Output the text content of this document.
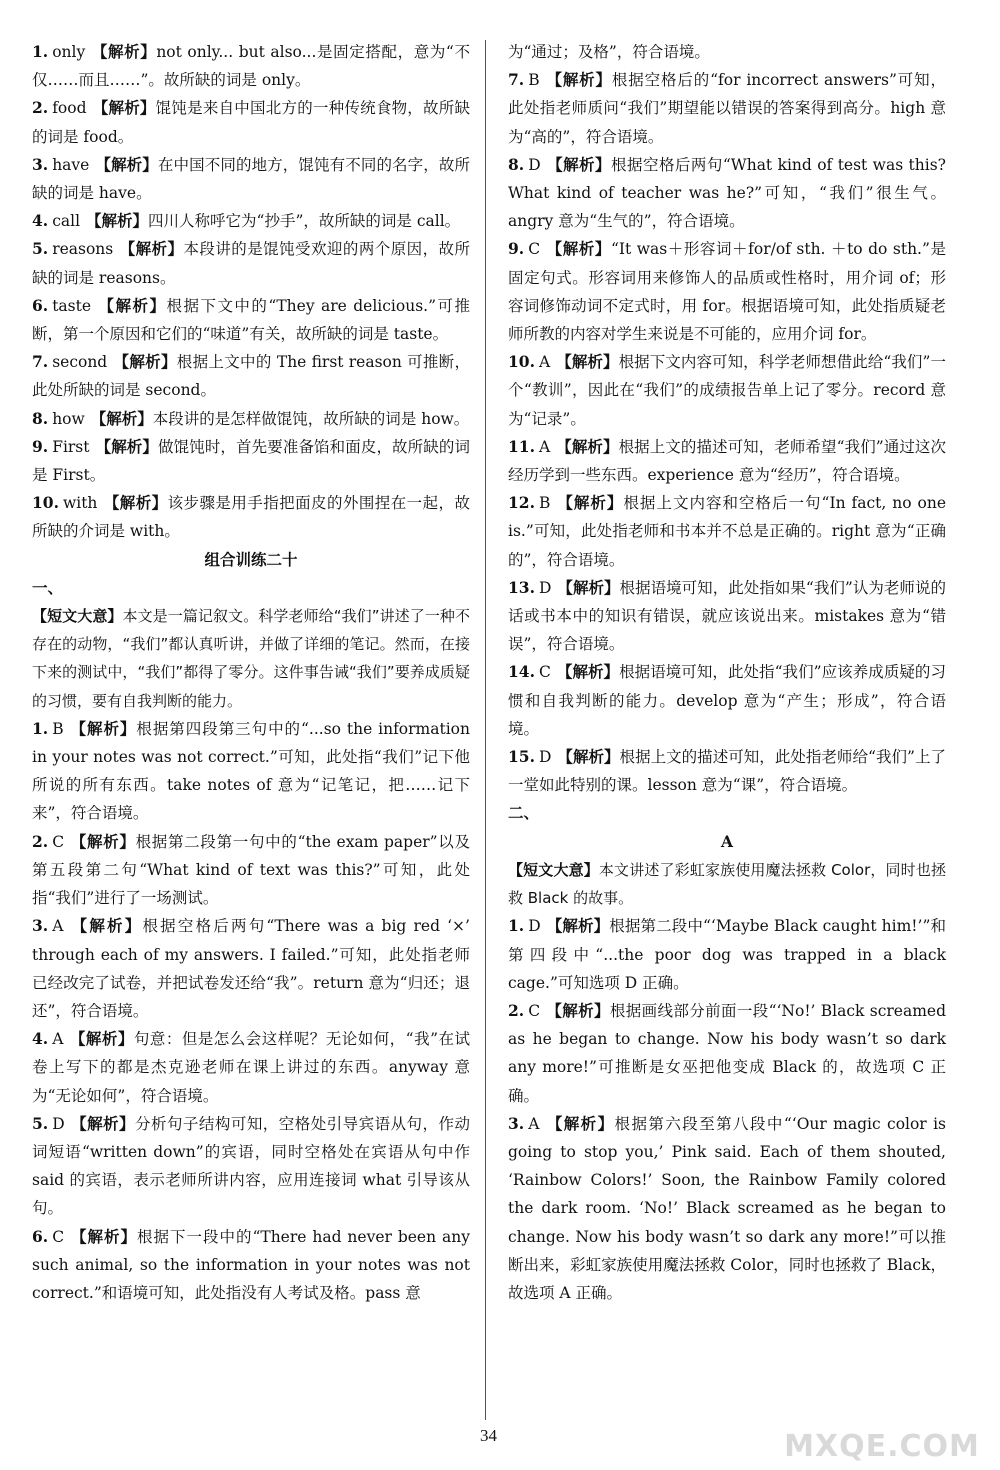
1. only 【解析】not only... but also...是固定搭配，意为“不仅……而且……”。故所缺的词是 only。

2. food 【解析】馄饨是来自中国北方的一种传统食物，故所缺的词是 food。

3. have 【解析】在中国不同的地方，馄饨有不同的名字，故所缺的词是 have。

4. call 【解析】四川人称呼它为“抄手”，故所缺的词是 call。

5. reasons 【解析】本段讲的是馄饨受欢迎的两个原因，故所缺的词是 reasons。

6. taste 【解析】根据下文中的“They are delicious.”可推断，第一个原因和它们的“味道”有关，故所缺的词是 taste。

7. second 【解析】根据上文中的 The first reason 可推断，此处所缺的词是 second。

8. how 【解析】本段讲的是怎样做馄饨，故所缺的词是 how。

9. First 【解析】做馄饨时，首先要准备馅和面皮，故所缺的词是 First。

10. with 【解析】该步骤是用手指把面皮的外围捏在一起，故所缺的介词是 with。

组合训练二十

一、

【短文大意】本文是一篇记叙文。科学老师给“我们”讲述了一种不存在的动物，“我们”都认真听讲，并做了详细的笔记。然而，在接下来的测试中，“我们”都得了零分。这件事告诫“我们”要养成质疑的习惯，要有自我判断的能力。

1. B 【解析】根据第四段第三句中的“...so the information in your notes was not correct.”可知，此处指“我们”记下他所说的所有东西。take notes of 意为“记笔记，把……记下来”，符合语境。

2. C 【解析】根据第二段第一句中的“the exam paper”以及第五段第二句“What kind of text was this?”可知，此处指“我们”进行了一场测试。

3. A 【解析】根据空格后两句“There was a big red ‘×’ through each of my answers. I failed.”可知，此处指老师已经改完了试卷，并把试卷发还给“我”。return 意为“归还；退还”，符合语境。

4. A 【解析】句意：但是怎么会这样呢？无论如何，“我”在试卷上写下的都是杰克逊老师在课上讲过的东西。anyway 意为“无论如何”，符合语境。

5. D 【解析】分析句子结构可知，空格处引导宾语从句，作动词短语“written down”的宾语，同时空格处在宾语从句中作 said 的宾语，表示老师所讲内容，应用连接词 what 引导该从句。

6. C 【解析】根据下一段中的“There had never been any such animal, so the information in your notes was not correct.”和语境可知，此处指没有人考试及格。pass 意

为“通过；及格”，符合语境。

7. B 【解析】根据空格后的“for incorrect answers”可知，此处指老师质问“我们”期望能以错误的答案得到高分。high 意为“高的”，符合语境。

8. D 【解析】根据空格后两句“What kind of test was this? What kind of teacher was he?”可知，“我们”很生气。angry 意为“生气的”，符合语境。

9. C 【解析】“It was＋形容词＋for/of sth. ＋to do sth.”是固定句式。形容词用来修饰人的品质或性格时，用介词 of；形容词修饰动词不定式时，用 for。根据语境可知，此处指质疑老师所教的内容对学生来说是不可能的，应用介词 for。

10. A 【解析】根据下文内容可知，科学老师想借此给“我们”一个“教训”，因此在“我们”的成绩报告单上记了零分。record 意为“记录”。

11. A 【解析】根据上文的描述可知，老师希望“我们”通过这次经历学到一些东西。experience 意为“经历”，符合语境。

12. B 【解析】根据上文内容和空格后一句“In fact, no one is.”可知，此处指老师和书本并不总是正确的。right 意为“正确的”，符合语境。

13. D 【解析】根据语境可知，此处指如果“我们”认为老师说的话或书本中的知识有错误，就应该说出来。mistakes 意为“错误”，符合语境。

14. C 【解析】根据语境可知，此处指“我们”应该养成质疑的习惯和自我判断的能力。develop 意为“产生；形成”，符合语境。

15. D 【解析】根据上文的描述可知，此处指老师给“我们”上了一堂如此特别的课。lesson 意为“课”，符合语境。

二、

A

【短文大意】本文讲述了彩虹家族使用魔法拯救 Color，同时也拯救 Black 的故事。

1. D 【解析】根据第二段中“‘Maybe Black caught him!’”和第四段中“...the poor dog was trapped in a black cage.”可知选项 D 正确。

2. C 【解析】根据画线部分前面一段“‘No!’ Black screamed as he began to change. Now his body wasn’t so dark any more!”可推断是女巫把他变成 Black 的，故选项 C 正确。

3. A 【解析】根据第六段至第八段中“‘Our magic color is going to stop you,’ Pink said. Each of them shouted, ‘Rainbow Colors!’ Soon, the Rainbow Family colored the dark room. ‘No!’ Black screamed as he began to change. Now his body wasn’t so dark any more!”可以推断出来，彩虹家族使用魔法拯救 Color，同时也拯救了 Black，故选项 A 正确。

34	MXQE.COM
